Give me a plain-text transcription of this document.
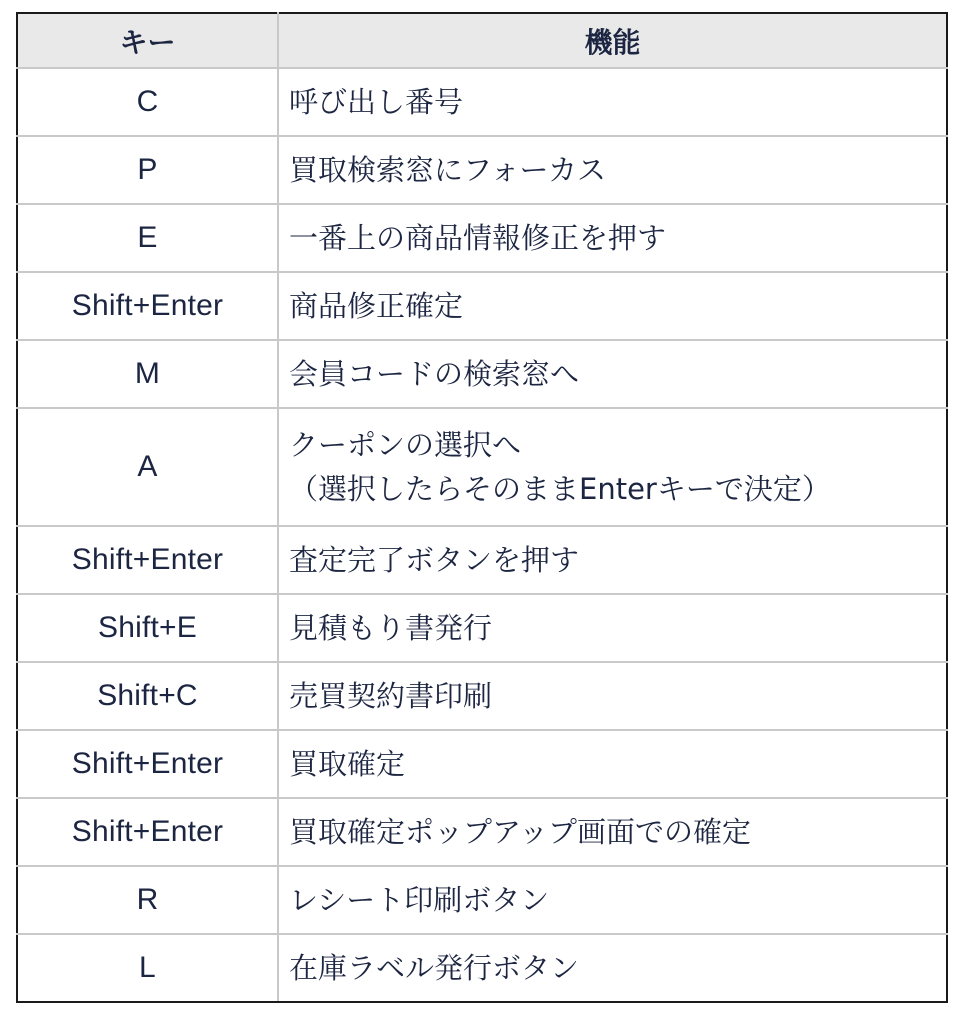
キー	機能
C	呼び出し番号
P	買取検索窓にフォーカス
E	一番上の商品情報修正を押す
Shift+Enter	商品修正確定
M	会員コードの検索窓へ
A	クーポンの選択へ
（選択したらそのままEnterキーで決定）
Shift+Enter	査定完了ボタンを押す
Shift+E	見積もり書発行
Shift+C	売買契約書印刷
Shift+Enter	買取確定
Shift+Enter	買取確定ポップアップ画面での確定
R	レシート印刷ボタン
L	在庫ラベル発行ボタン
